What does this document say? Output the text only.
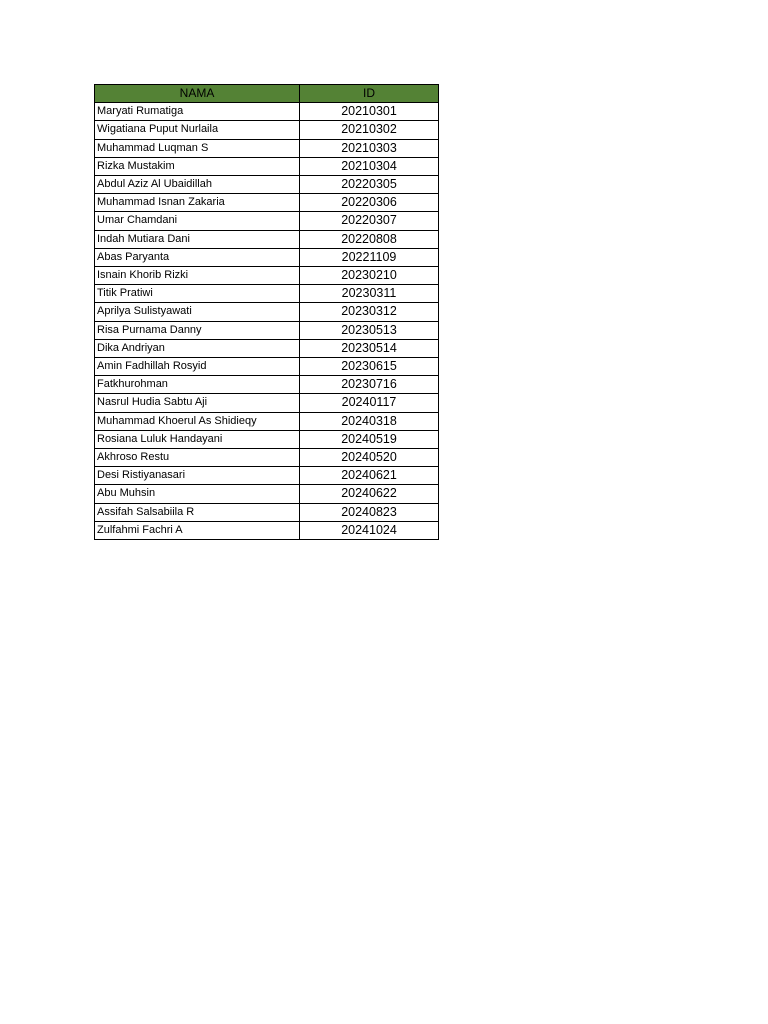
NAMA	ID
Maryati Rumatiga	20210301
Wigatiana Puput Nurlaila	20210302
Muhammad Luqman S	20210303
Rizka Mustakim	20210304
Abdul Aziz Al Ubaidillah	20220305
Muhammad Isnan Zakaria	20220306
Umar Chamdani	20220307
Indah Mutiara Dani	20220808
Abas Paryanta	20221109
Isnain Khorib Rizki	20230210
Titik Pratiwi	20230311
Aprilya Sulistyawati	20230312
Risa Purnama Danny	20230513
Dika Andriyan	20230514
Amin Fadhillah Rosyid	20230615
Fatkhurohman	20230716
Nasrul Hudia Sabtu Aji	20240117
Muhammad Khoerul As Shidieqy	20240318
Rosiana Luluk Handayani	20240519
Akhroso Restu	20240520
Desi Ristiyanasari	20240621
Abu Muhsin	20240622
Assifah Salsabiila R	20240823
Zulfahmi Fachri A	20241024
